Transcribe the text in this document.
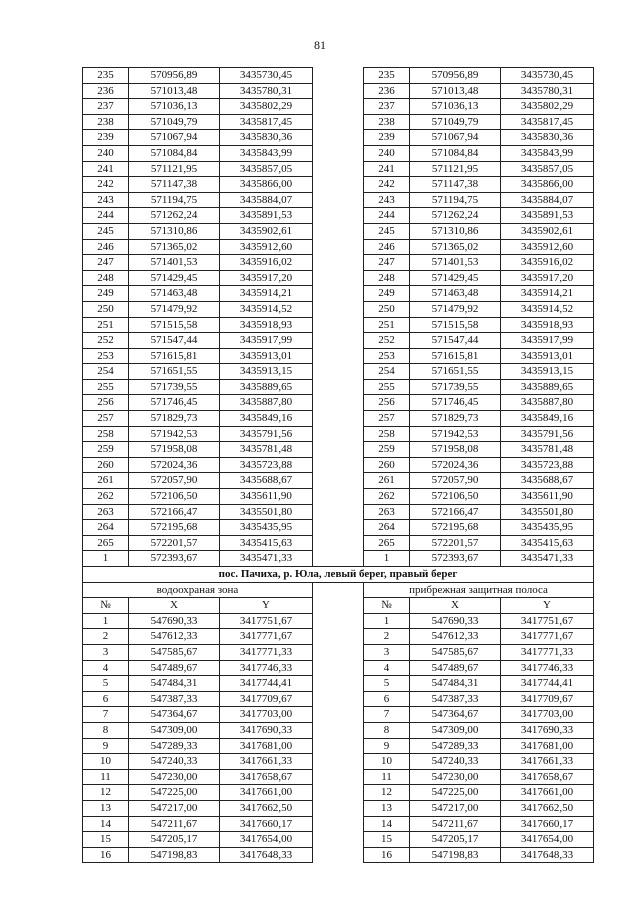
81
235	570956,89	3435730,45		235	570956,89	3435730,45
236	571013,48	3435780,31		236	571013,48	3435780,31
237	571036,13	3435802,29		237	571036,13	3435802,29
238	571049,79	3435817,45		238	571049,79	3435817,45
239	571067,94	3435830,36		239	571067,94	3435830,36
240	571084,84	3435843,99		240	571084,84	3435843,99
241	571121,95	3435857,05		241	571121,95	3435857,05
242	571147,38	3435866,00		242	571147,38	3435866,00
243	571194,75	3435884,07		243	571194,75	3435884,07
244	571262,24	3435891,53		244	571262,24	3435891,53
245	571310,86	3435902,61		245	571310,86	3435902,61
246	571365,02	3435912,60		246	571365,02	3435912,60
247	571401,53	3435916,02		247	571401,53	3435916,02
248	571429,45	3435917,20		248	571429,45	3435917,20
249	571463,48	3435914,21		249	571463,48	3435914,21
250	571479,92	3435914,52		250	571479,92	3435914,52
251	571515,58	3435918,93		251	571515,58	3435918,93
252	571547,44	3435917,99		252	571547,44	3435917,99
253	571615,81	3435913,01		253	571615,81	3435913,01
254	571651,55	3435913,15		254	571651,55	3435913,15
255	571739,55	3435889,65		255	571739,55	3435889,65
256	571746,45	3435887,80		256	571746,45	3435887,80
257	571829,73	3435849,16		257	571829,73	3435849,16
258	571942,53	3435791,56		258	571942,53	3435791,56
259	571958,08	3435781,48		259	571958,08	3435781,48
260	572024,36	3435723,88		260	572024,36	3435723,88
261	572057,90	3435688,67		261	572057,90	3435688,67
262	572106,50	3435611,90		262	572106,50	3435611,90
263	572166,47	3435501,80		263	572166,47	3435501,80
264	572195,68	3435435,95		264	572195,68	3435435,95
265	572201,57	3435415,63		265	572201,57	3435415,63
1	572393,67	3435471,33		1	572393,67	3435471,33
пос. Пачиха, р. Юла, левый берег, правый берег						
водоохраная зона				прибрежная защитная полоса		
№	X	Y		№	X	Y
1	547690,33	3417751,67		1	547690,33	3417751,67
2	547612,33	3417771,67		2	547612,33	3417771,67
3	547585,67	3417771,33		3	547585,67	3417771,33
4	547489,67	3417746,33		4	547489,67	3417746,33
5	547484,31	3417744,41		5	547484,31	3417744,41
6	547387,33	3417709,67		6	547387,33	3417709,67
7	547364,67	3417703,00		7	547364,67	3417703,00
8	547309,00	3417690,33		8	547309,00	3417690,33
9	547289,33	3417681,00		9	547289,33	3417681,00
10	547240,33	3417661,33		10	547240,33	3417661,33
11	547230,00	3417658,67		11	547230,00	3417658,67
12	547225,00	3417661,00		12	547225,00	3417661,00
13	547217,00	3417662,50		13	547217,00	3417662,50
14	547211,67	3417660,17		14	547211,67	3417660,17
15	547205,17	3417654,00		15	547205,17	3417654,00
16	547198,83	3417648,33		16	547198,83	3417648,33
